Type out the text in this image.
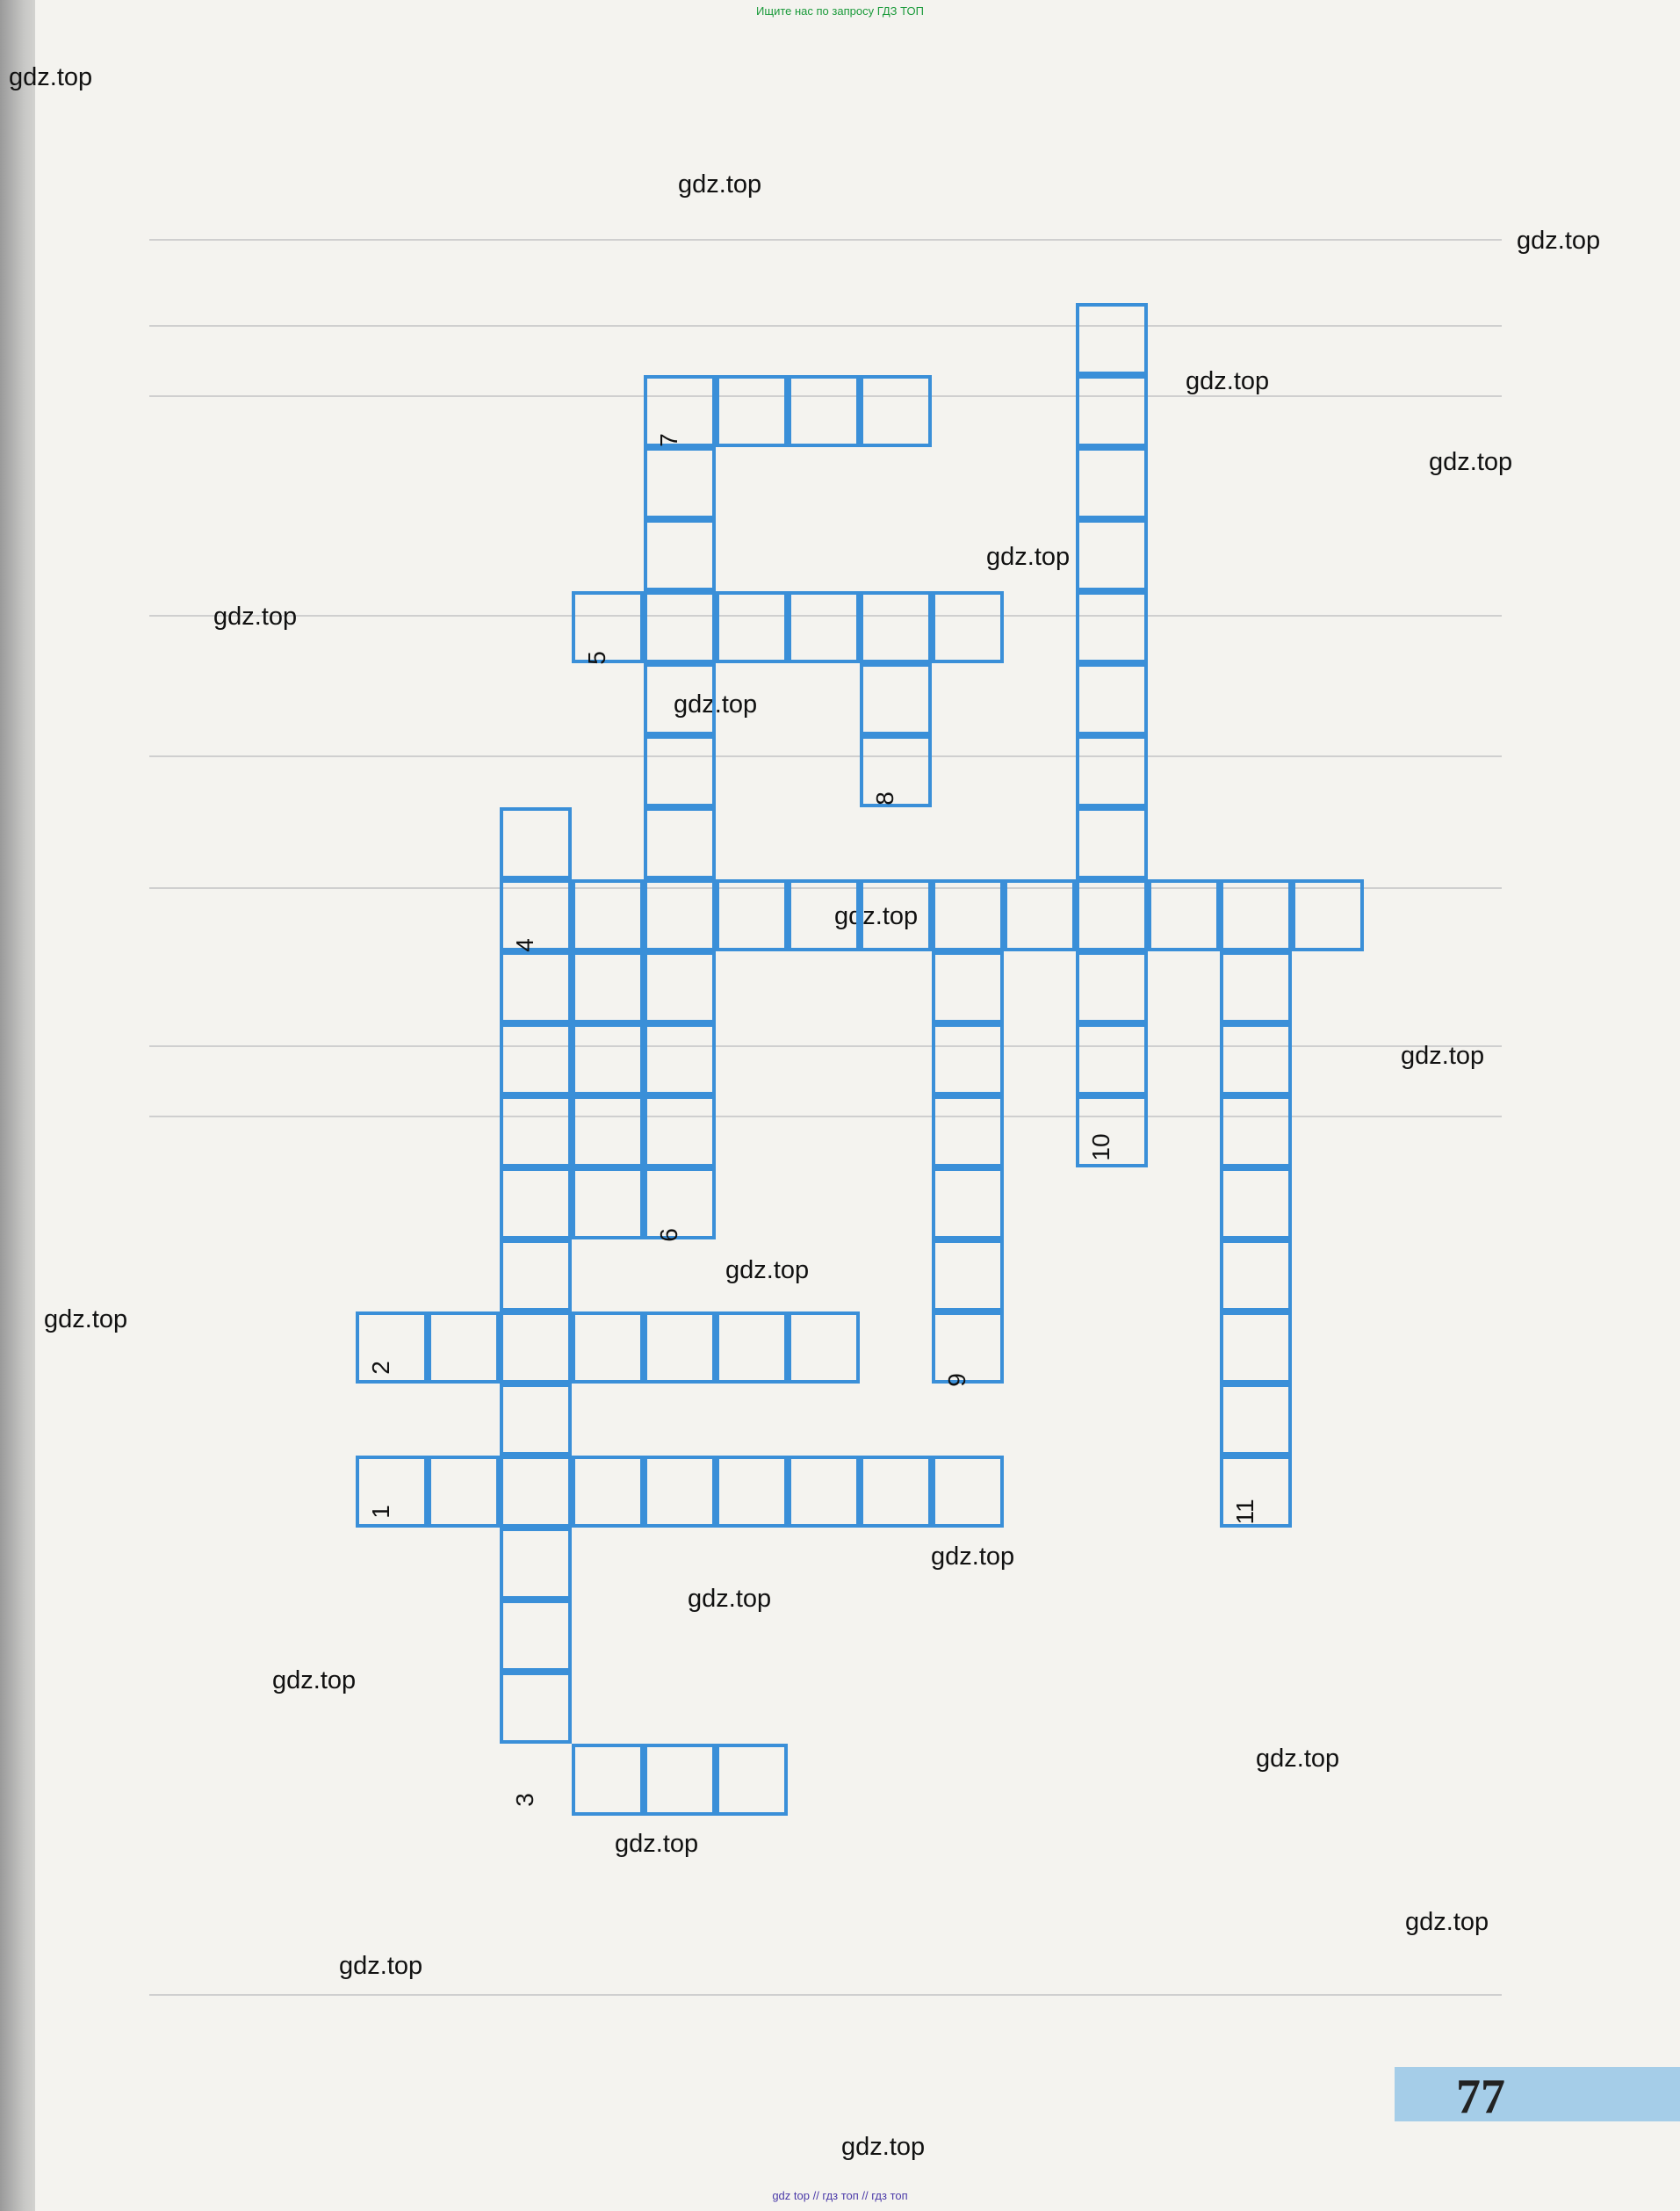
Ищите нас по запросу ГДЗ ТОП
gdz.top
gdz.top
gdz.top
gdz.top
gdz.top
gdz.top
gdz.top
gdz.top
gdz.top
gdz.top
gdz.top
gdz.top
gdz.top
gdz.top
gdz.top
gdz.top
gdz.top
gdz.top
gdz.top
gdz.top
1
2
3
4
5
6
7
8
9
10
11
77
gdz top // гдз топ // гдз топ
